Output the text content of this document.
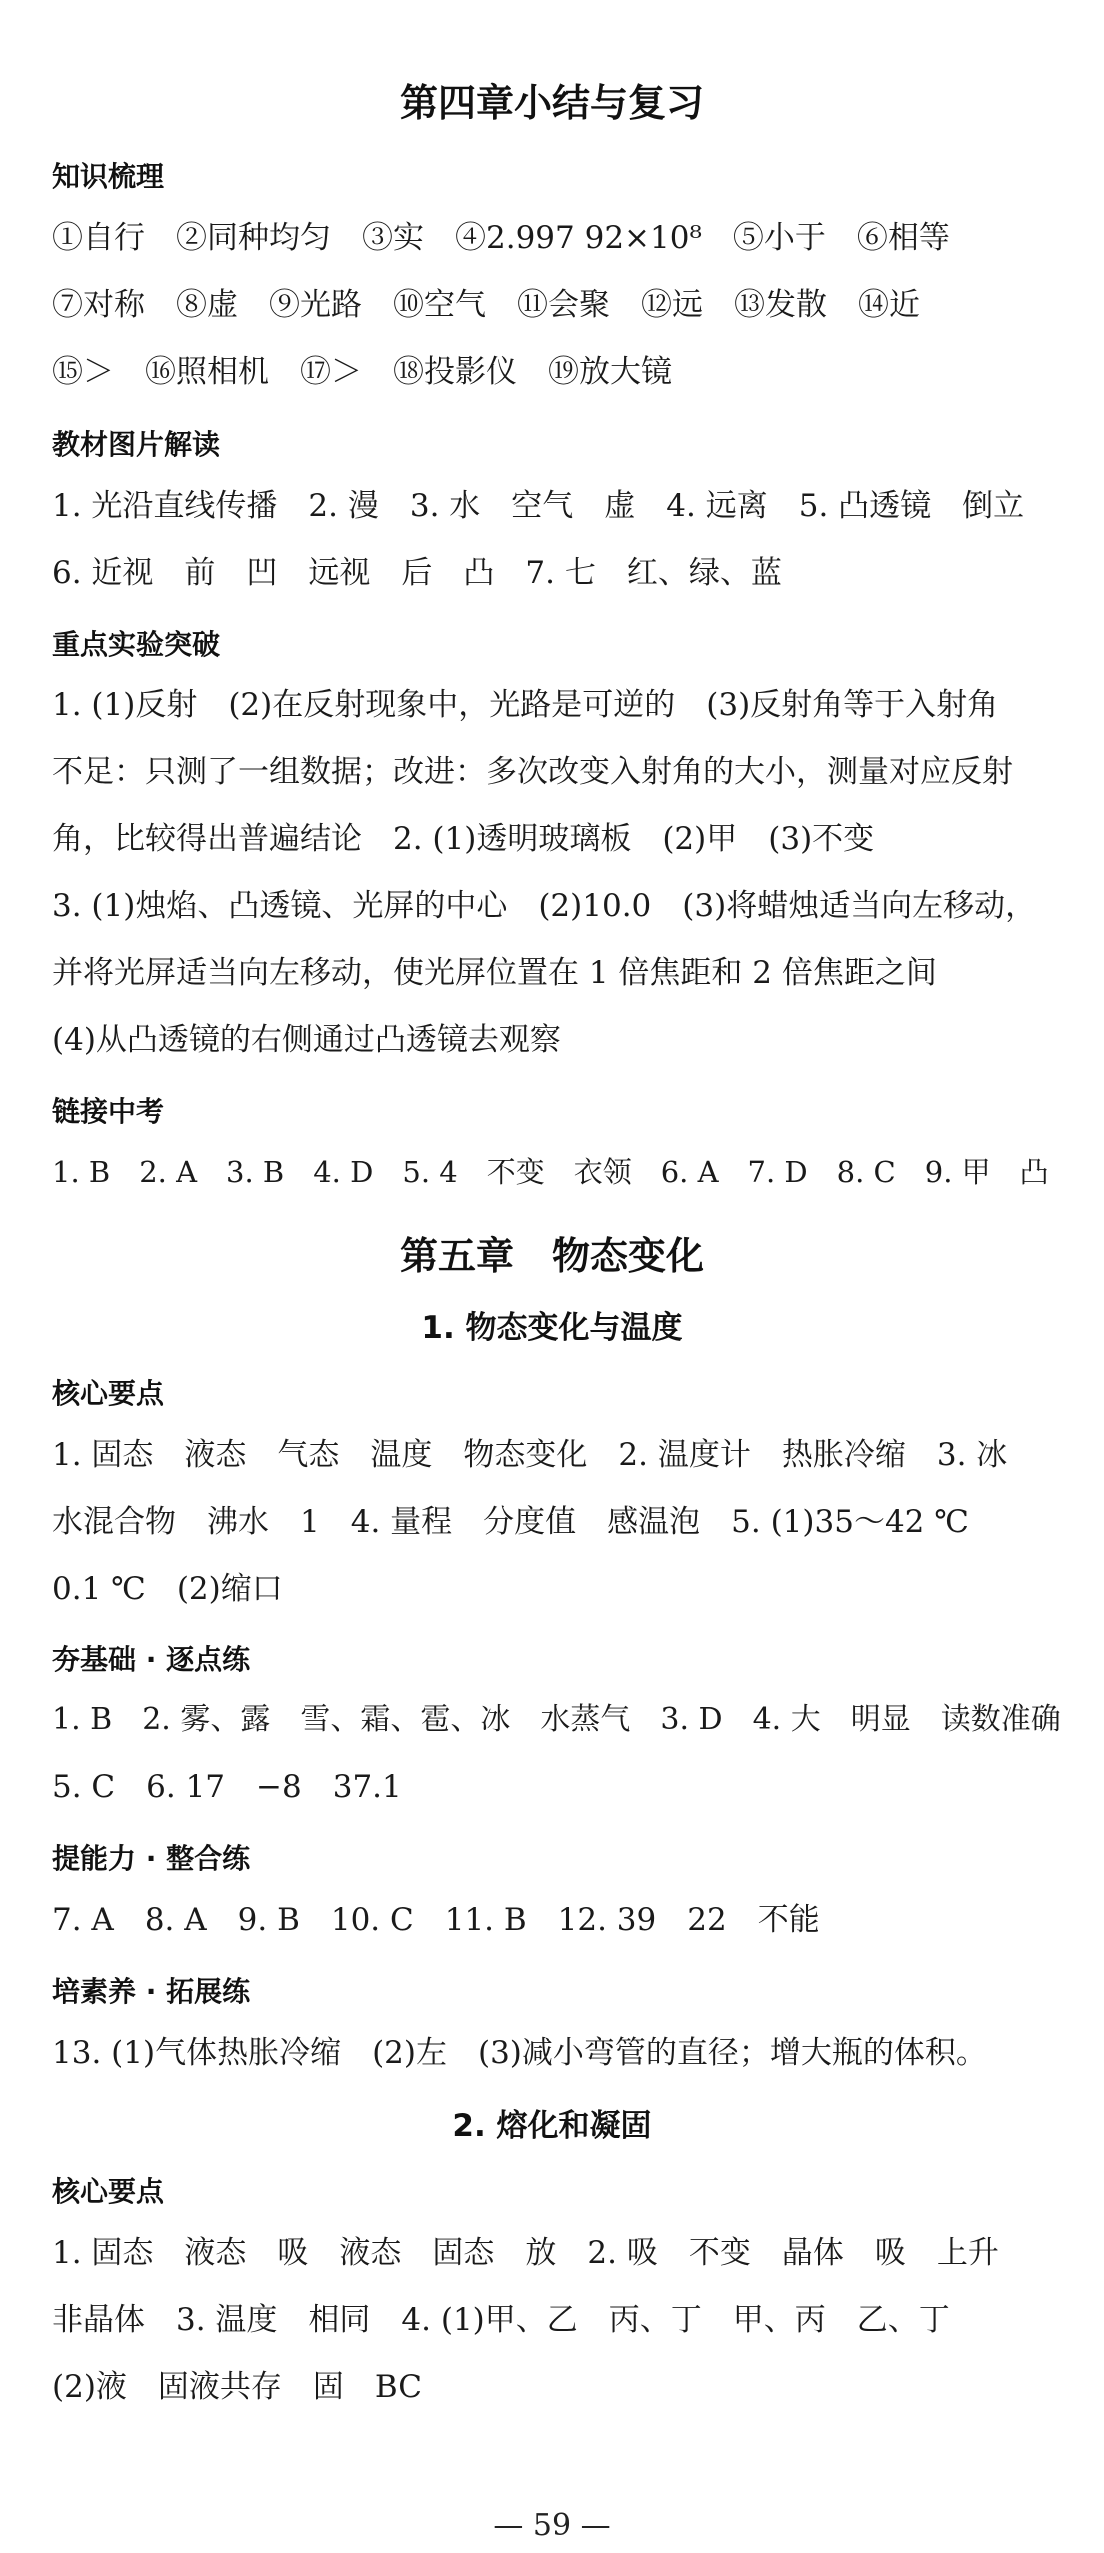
第四章小结与复习
知识梳理
①自行　②同种均匀　③实　④2.997 92×10⁸　⑤小于　⑥相等
⑦对称　⑧虚　⑨光路　⑩空气　⑪会聚　⑫远　⑬发散　⑭近
⑮＞　⑯照相机　⑰＞　⑱投影仪　⑲放大镜
教材图片解读
1. 光沿直线传播　2. 漫　3. 水　空气　虚　4. 远离　5. 凸透镜　倒立
6. 近视　前　凹　远视　后　凸　7. 七　红、绿、蓝
重点实验突破
1. (1)反射　(2)在反射现象中，光路是可逆的　(3)反射角等于入射角
不足：只测了一组数据；改进：多次改变入射角的大小，测量对应反射
角，比较得出普遍结论　2. (1)透明玻璃板　(2)甲　(3)不变
3. (1)烛焰、凸透镜、光屏的中心　(2)10.0　(3)将蜡烛适当向左移动，
并将光屏适当向左移动，使光屏位置在 1 倍焦距和 2 倍焦距之间
(4)从凸透镜的右侧通过凸透镜去观察
链接中考
1. B　2. A　3. B　4. D　5. 4　不变　衣领　6. A　7. D　8. C　9. 甲　凸
第五章　物态变化
1. 物态变化与温度
核心要点
1. 固态　液态　气态　温度　物态变化　2. 温度计　热胀冷缩　3. 冰
水混合物　沸水　1　4. 量程　分度值　感温泡　5. (1)35～42 ℃
0.1 ℃　(2)缩口
夯基础 · 逐点练
1. B　2. 雾、露　雪、霜、雹、冰　水蒸气　3. D　4. 大　明显　读数准确
5. C　6. 17　−8　37.1
提能力 · 整合练
7. A　8. A　9. B　10. C　11. B　12. 39　22　不能
培素养 · 拓展练
13. (1)气体热胀冷缩　(2)左　(3)减小弯管的直径；增大瓶的体积。
2. 熔化和凝固
核心要点
1. 固态　液态　吸　液态　固态　放　2. 吸　不变　晶体　吸　上升
非晶体　3. 温度　相同　4. (1)甲、乙　丙、丁　甲、丙　乙、丁
(2)液　固液共存　固　BC
— 59 —
